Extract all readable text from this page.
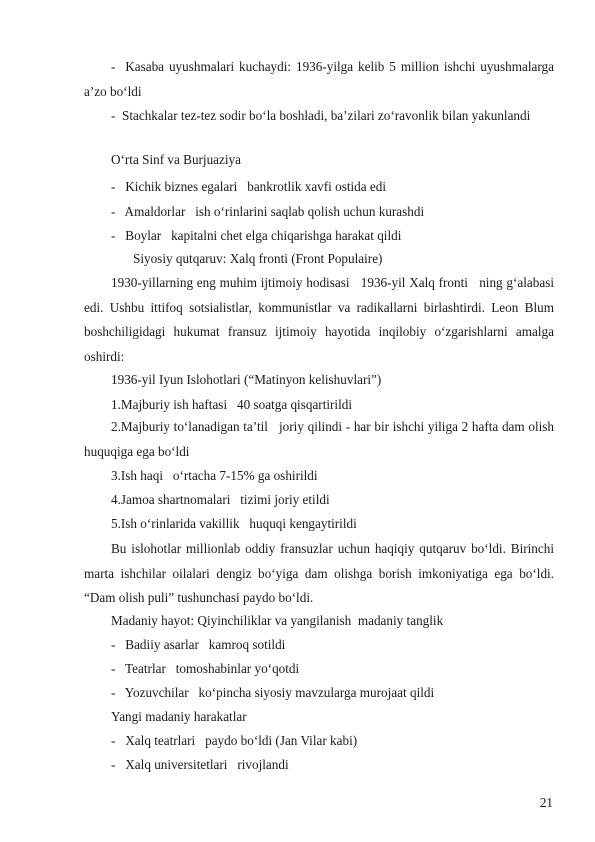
-  Kasaba uyushmalari kuchaydi: 1936-yilga kelib 5 million ishchi uyushmalarga a’zo bo‘ldi
-  Stachkalar tez-tez sodir bo‘la boshladi, ba’zilari zo‘ravonlik bilan yakunlandi
O‘rta Sinf va Burjuaziya
-   Kichik biznes egalari   bankrotlik xavfi ostida edi
-   Amaldorlar   ish o‘rinlarini saqlab qolish uchun kurashdi
-   Boylar   kapitalni chet elga chiqarishga harakat qildi
Siyosiy qutqaruv: Xalq fronti (Front Populaire)
1930-yillarning eng muhim ijtimoiy hodisasi   1936-yil Xalq fronti   ning g‘alabasi edi. Ushbu ittifoq sotsialistlar, kommunistlar va radikallarni birlashtirdi. Leon Blum boshchiligidagi hukumat fransuz ijtimoiy hayotida inqilobiy o‘zgarishlarni amalga oshirdi:
1936-yil Iyun Islohotlari (“Matinyon kelishuvlari”)
1.Majburiy ish haftasi   40 soatga qisqartirildi
2.Majburiy to‘lanadigan ta’til   joriy qilindi - har bir ishchi yiliga 2 hafta dam olish huquqiga ega bo‘ldi
3.Ish haqi   o‘rtacha 7-15% ga oshirildi
4.Jamoa shartnomalari   tizimi joriy etildi
5.Ish o‘rinlarida vakillik   huquqi kengaytirildi
Bu islohotlar millionlab oddiy fransuzlar uchun haqiqiy qutqaruv bo‘ldi. Birinchi marta ishchilar oilalari dengiz bo‘yiga dam olishga borish imkoniyatiga ega bo‘ldi. “Dam olish puli” tushunchasi paydo bo‘ldi.
Madaniy hayot: Qiyinchiliklar va yangilanish  madaniy tanglik
-   Badiiy asarlar   kamroq sotildi
-   Teatrlar   tomoshabinlar yo‘qotdi
-   Yozuvchilar   ko‘pincha siyosiy mavzularga murojaat qildi
Yangi madaniy harakatlar
-   Xalq teatrlari   paydo bo‘ldi (Jan Vilar kabi)
-   Xalq universitetlari   rivojlandi
21
